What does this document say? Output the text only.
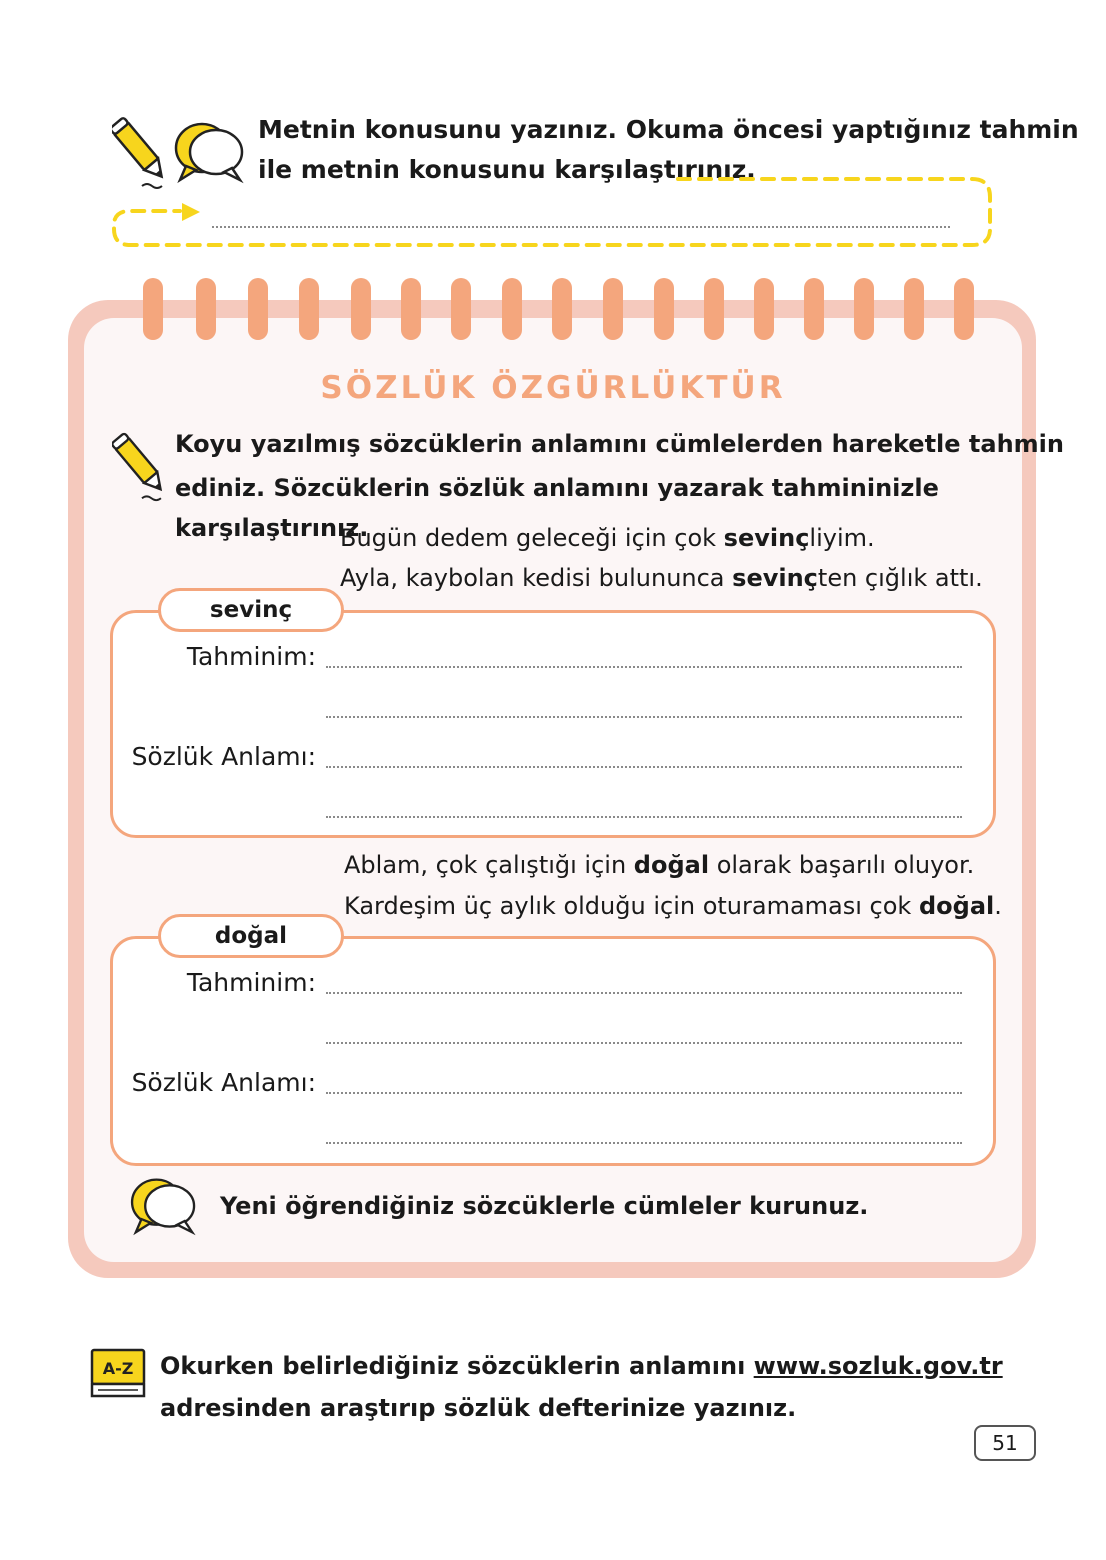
Metnin konusunu yazınız. Okuma öncesi yaptığınız tahmin
ile metnin konusunu karşılaştırınız.
SÖZLÜK ÖZGÜRLÜKTÜR
Koyu yazılmış sözcüklerin anlamını cümlelerden hareketle tahmin
ediniz. Sözcüklerin sözlük anlamını yazarak tahmininizle karşılaştırınız.
Bugün dedem geleceği için çok sevinçliyim.
Ayla, kaybolan kedisi bulununca sevinçten çığlık attı.
sevinç
Tahminim:
Sözlük Anlamı:
Ablam, çok çalıştığı için doğal olarak başarılı oluyor.
Kardeşim üç aylık olduğu için oturamaması çok doğal.
doğal
Tahminim:
Sözlük Anlamı:
Yeni öğrendiğiniz sözcüklerle cümleler kurunuz.
A-Z Okurken belirlediğiniz sözcüklerin anlamını www.sozluk.gov.tr
adresinden araştırıp sözlük defterinize yazınız.
51
